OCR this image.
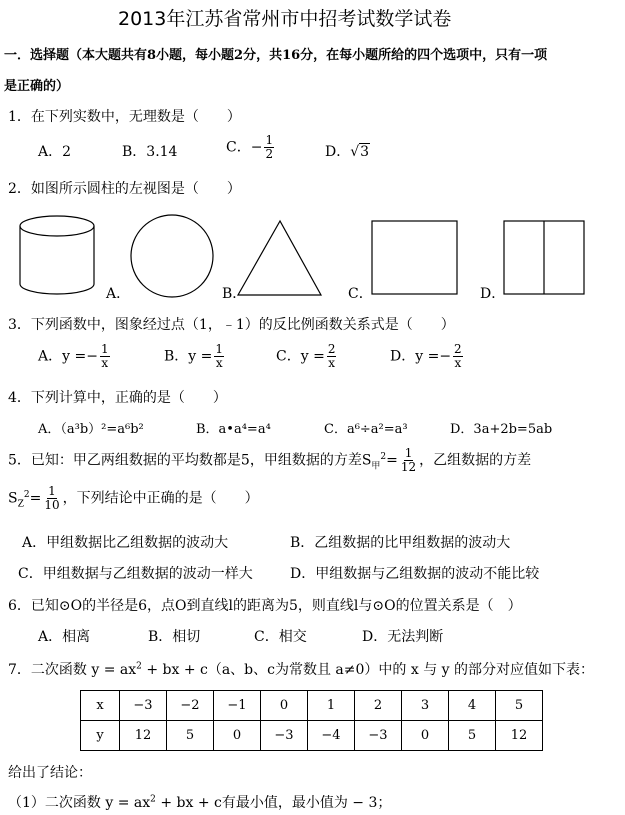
2013年江苏省常州市中招考试数学试卷
一．选择题（本大题共有8小题，每小题2分，共16分，在每小题所给的四个选项中，只有一项
是正确的）
1．在下列实数中，无理数是（　　）
A．2	B．3.14	C．− $\frac{1}{2}$	D．√3
2．如图所示圆柱的左视图是（　　）
A．	B．	C．	D．
3．下列函数中，图象经过点（1，﹣1）的反比例函数关系式是（　　）
A．$y =- \frac{1}{x}$	B．$y = \frac{1}{x}$	C．$y = \frac{2}{x}$	D．$y =- \frac{2}{x}$
4．下列计算中，正确的是（　　）
A．（a³b）²=a⁶b²	B．a•a⁴=a⁴	C．a⁶÷a²=a³	D．3a+2b=5ab
5．已知：甲乙两组数据的平均数都是5，甲组数据的方差$S_甲^2= \frac{1}{12}$ ，乙组数据的方差
$S_Z^2= \frac{1}{10}$ ，下列结论中正确的是（　　）
A．甲组数据比乙组数据的波动大	B．乙组数据的比甲组数据的波动大
C．甲组数据与乙组数据的波动一样大	D．甲组数据与乙组数据的波动不能比较
6．已知⊙O的半径是6，点O到直线l的距离为5，则直线l与⊙O的位置关系是（　）
A．相离	B．相切	C．相交	D．无法判断
7．二次函数 $y = ax^2$ + bx + c（a、b、c为常数且 a≠0）中的 x 与 y 的部分对应值如下表：
x	−3	−2	−1	0	1	2	3	4	5
y	12	5	0	−3	−4	−3	0	5	12
给出了结论：
（1）二次函数 $y = ax^2$ + bx + c有最小值，最小值为 − 3；
